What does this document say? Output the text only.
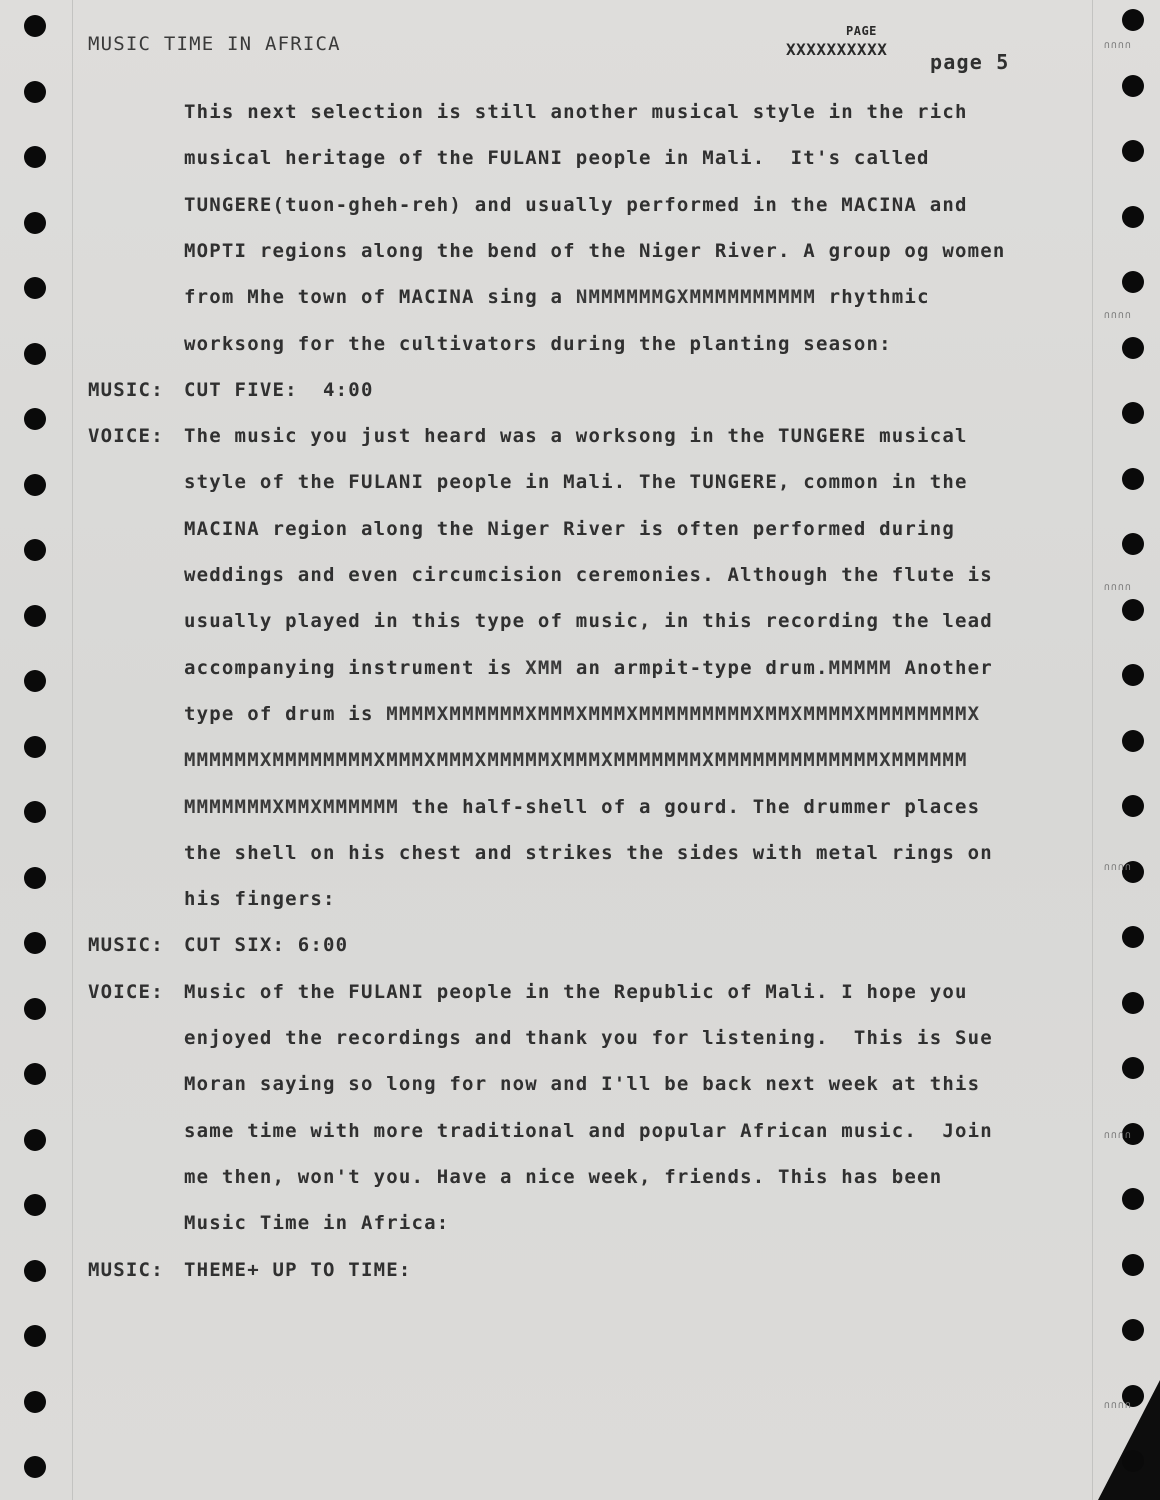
MUSIC TIME IN AFRICA
PAGE
XXXXXXXXXX
page 5
This next selection is still another musical style in the rich
musical heritage of the FULANI people in Mali.  It's called
TUNGERE(tuon-gheh-reh) and usually performed in the MACINA and
MOPTI regions along the bend of the Niger River. A group og women
from Mhe town of MACINA sing a NMMMMMMGXMMMMMMMMMM rhythmic
worksong for the cultivators during the planting season:
MUSIC: CUT FIVE:  4:00
VOICE: The music you just heard was a worksong in the TUNGERE musical
style of the FULANI people in Mali. The TUNGERE, common in the
MACINA region along the Niger River is often performed during
weddings and even circumcision ceremonies. Although the flute is
usually played in this type of music, in this recording the lead
accompanying instrument is XMM an armpit-type drum.MMMMM Another
type of drum is MMMMXMMMMMMXMMMXMMMXMMMMMMMMMXMMXMMMMXMMMMMMMMX
MMMMMMXMMMMMMMMXMMMXMMMXMMMMMXMMMXMMMMMMMXMMMMMMMMMMMMMXMMMMMM
MMMMMMMXMMXMMMMMM the half-shell of a gourd. The drummer places
the shell on his chest and strikes the sides with metal rings on
his fingers:
MUSIC: CUT SIX: 6:00
VOICE: Music of the FULANI people in the Republic of Mali. I hope you
enjoyed the recordings and thank you for listening.  This is Sue
Moran saying so long for now and I'll be back next week at this
same time with more traditional and popular African music.  Join
me then, won't you. Have a nice week, friends. This has been
Music Time in Africa:
MUSIC: THEME+ UP TO TIME:
∩∩∩∩
∩∩∩∩
∩∩∩∩
∩∩∩∩
∩∩∩∩
∩∩∩∩
